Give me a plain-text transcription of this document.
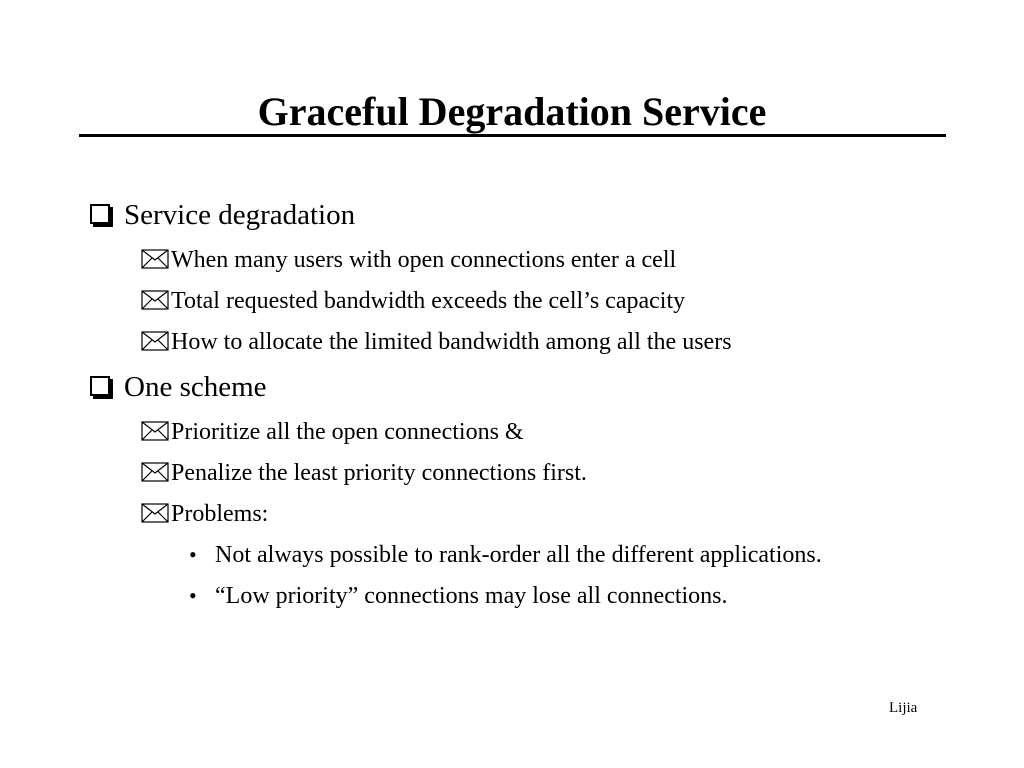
Graceful Degradation Service
Service degradation
When many users with open connections enter a cell
Total requested bandwidth exceeds the cell’s capacity
How to allocate the limited bandwidth among all the users
One scheme
Prioritize all the open connections &
Penalize the least priority connections first.
Problems:
• Not always possible to rank-order all the different applications.
• “Low priority” connections may lose all connections.
Lijia
